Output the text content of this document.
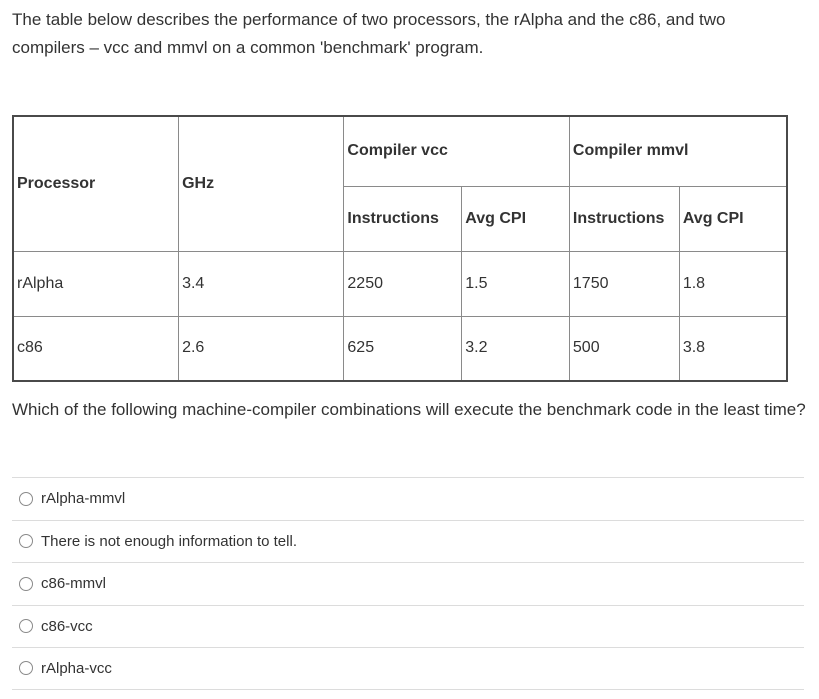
The table below describes the performance of two processors, the rAlpha and the c86, and two compilers – vcc and mmvl on a common 'benchmark' program.

Processor	GHz	Compiler vcc		Compiler mmvl	
		Instructions	Avg CPI	Instructions	Avg CPI
rAlpha	3.4	2250	1.5	1750	1.8
c86	2.6	625	3.2	500	3.8

Which of the following machine-compiler combinations will execute the benchmark code in the least time?

rAlpha-mmvl
There is not enough information to tell.
c86-mmvl
c86-vcc
rAlpha-vcc
